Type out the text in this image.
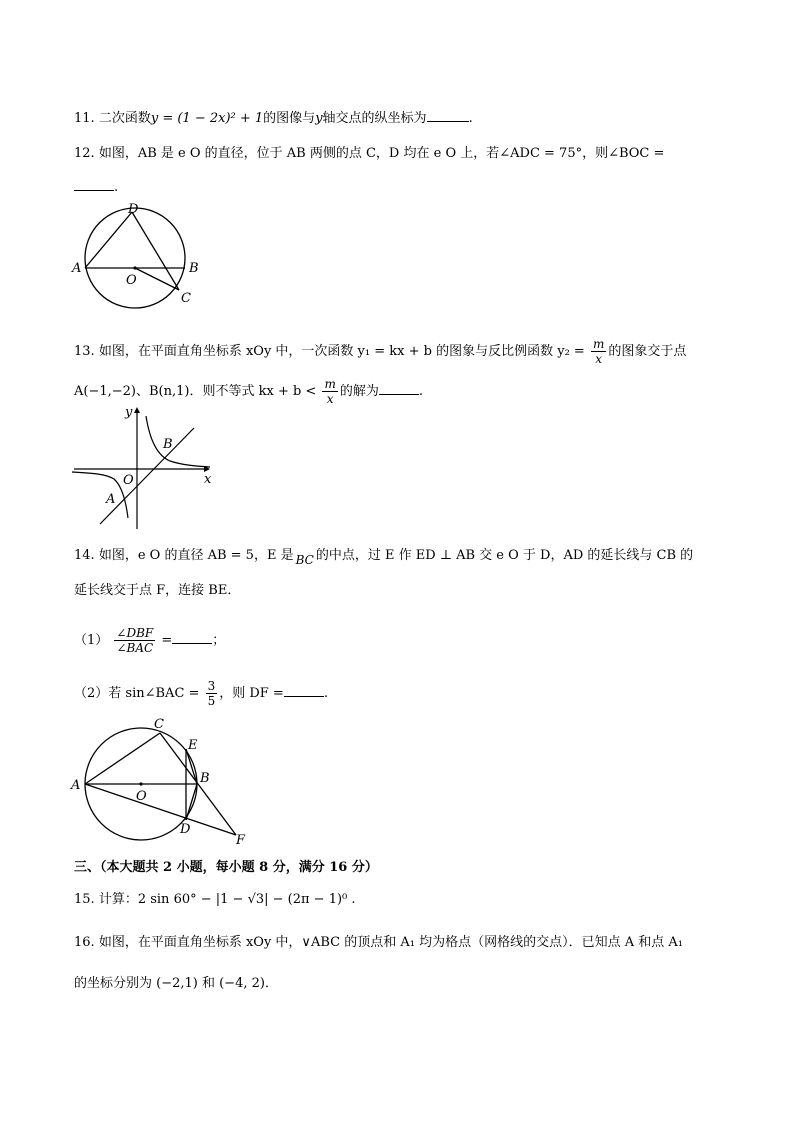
11. 二次函数y = (1 − 2x)² + 1的图像与y轴交点的纵坐标为	.
12. 如图，AB 是 e O 的直径，位于 AB 两侧的点 C，D 均在 e O 上，若∠ADC = 75°，则∠BOC =
.
D
A	B
O
C
13. 如图，在平面直角坐标系 xOy 中，一次函数 y₁ = kx + b 的图象与反比例函数 $y_2 = \frac{m}{x}$ 的图象交于点
A(−1,−2)、B(n,1)．则不等式 kx + $b < \frac{m}{x}$ 的解为	.
y
x
O
A
B
14. 如图，e O 的直径 AB = 5，E 是 BC 的中点，过 E 作 ED ⊥ AB 交 e O 于 D，AD 的延长线与 CB 的
延长线交于点 F，连接 BE．
$(1) \frac{\text{∠DBF}}{\text{∠BAC}}$ =	；
（2）若 sin∠BAC = $\frac{3}{5}$ ，则 DF =	.
C
E
B
A
O
D
F
三、（本大题共 2 小题，每小题 8 分，满分 16 分）
15. 计算：2 sin 60° − |1 − √3| − (2π − 1)⁰ .
16. 如图，在平面直角坐标系 xOy 中，∨ABC 的顶点和 A₁ 均为格点（网格线的交点）．已知点 A 和点 A₁
的坐标分别为 (−2,1) 和 (−4, 2)．
